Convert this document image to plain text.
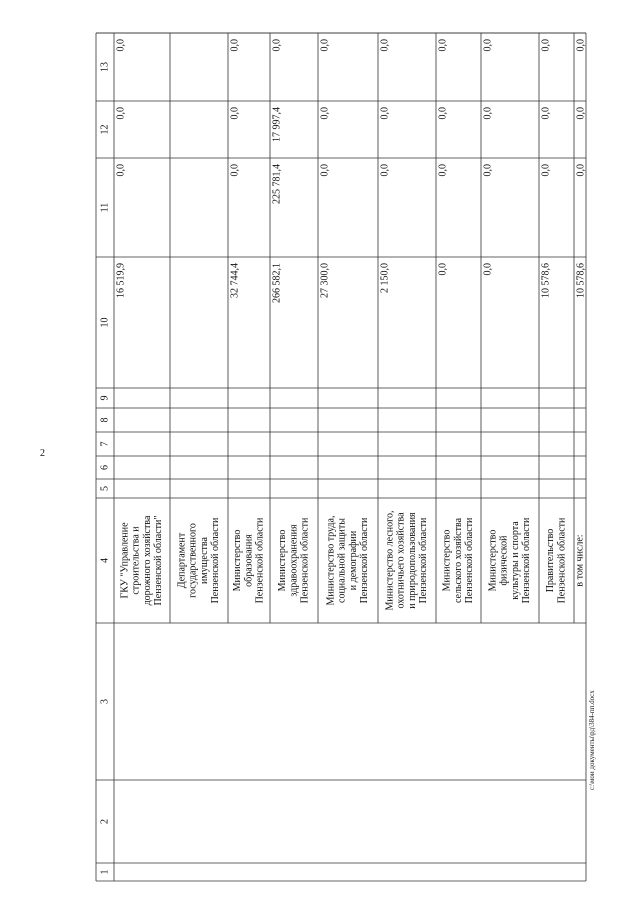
2
1
2
3
4
5
6
7
8
9
10
11
12
13
ГКУ "Управление строительства и дорожного хозяйства Пензенской области"
16 519,9
0,0
0,0
0,0
Департамент государственного имущества Пензенской области Министерство образования Пензенской области
32 744,4
0,0
0,0
0,0
Министерство здравоохранения Пензенской области
266 582,1
225 781,4
17 997,4
0,0
Министерство труда, социальной защиты и демографии Пензенской области
27 300,0
0,0
0,0
0,0
Министерство лесного, охотничьего хозяйства и природопользования Пензенской области
2 150,0
0,0
0,0
0,0
Министерство сельского хозяйства Пензенской области
0,0
0,0
0,0
0,0
Министерство физической культуры и спорта Пензенской области
0,0
0,0
0,0
0,0
Правительство Пензенской области
10 578,6
0,0
0,0
0,0
в том числе:
10 578,6
0,0
0,0
0,0
c:\мои документы\рд\384-пп.docx
